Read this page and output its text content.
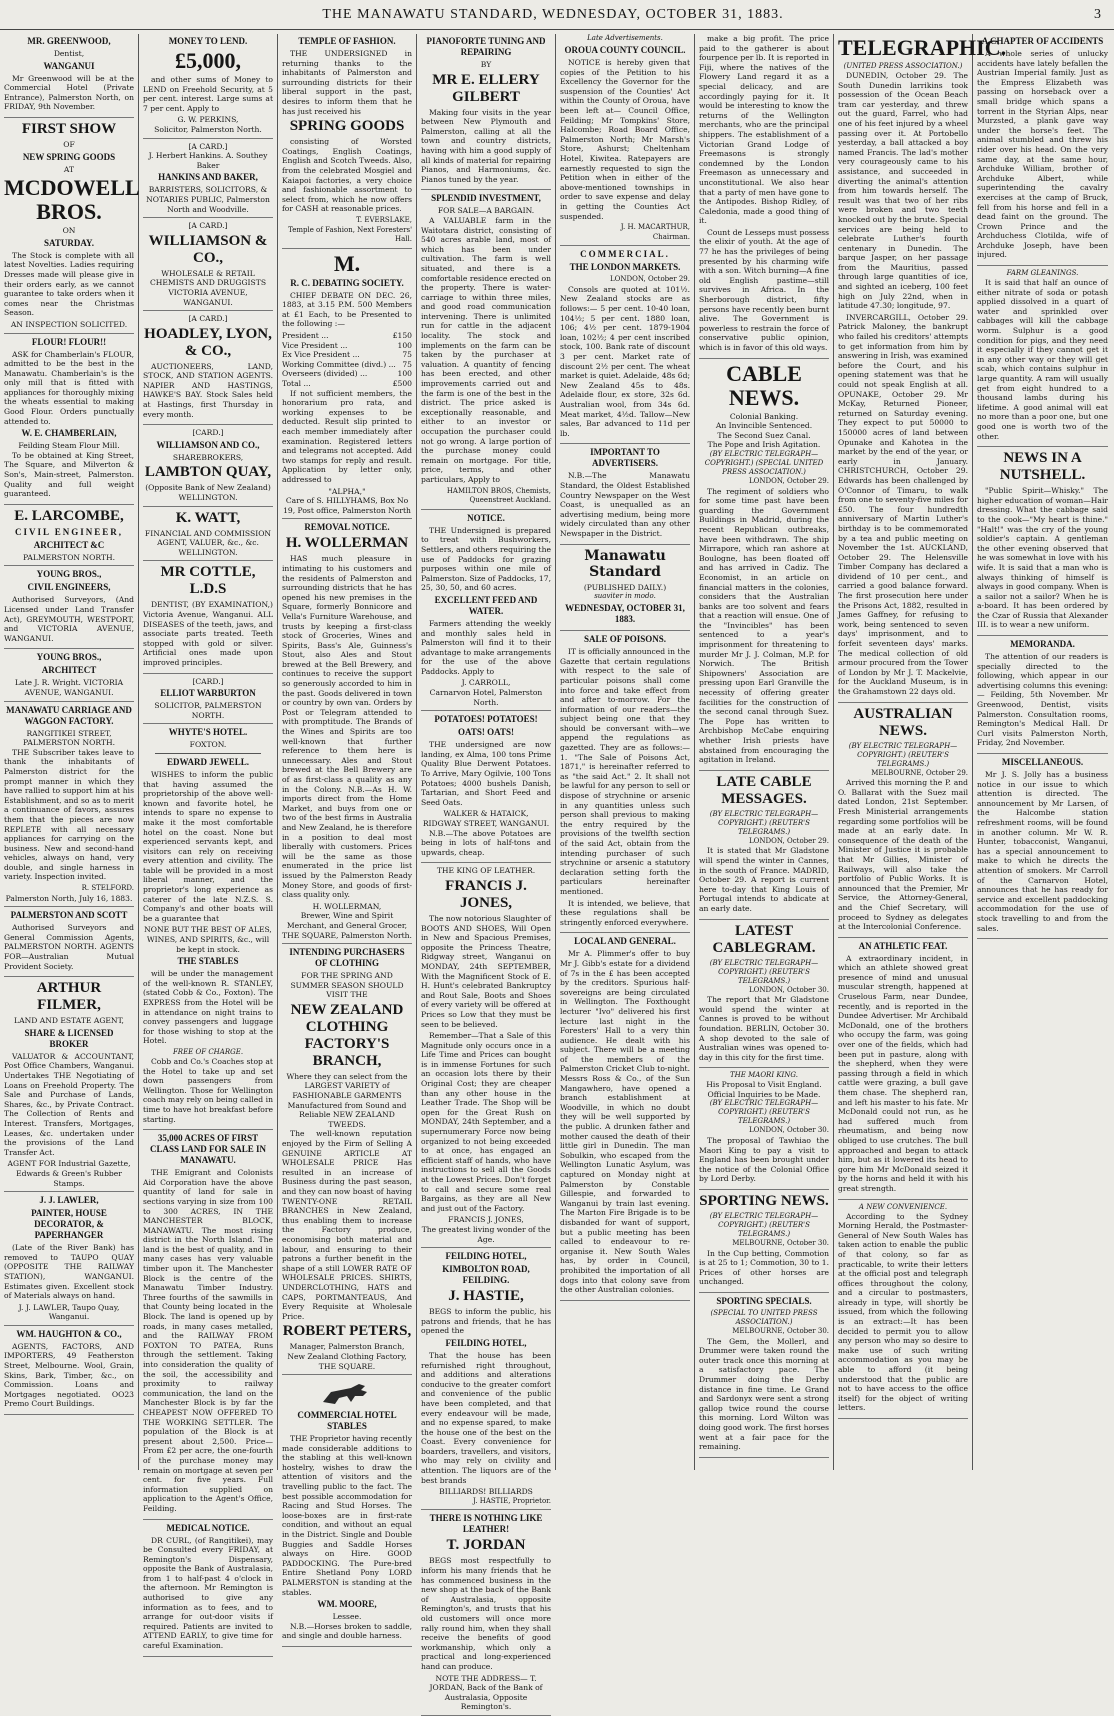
THE MANAWATU STANDARD, WEDNESDAY, OCTOBER 31, 1883.	3
MR. GREENWOOD,
Dentist,
WANGANUI
Mr Greenwood will be at the Commercial Hotel (Private Entrance), Palmerston North, on FRIDAY, 9th November.
FIRST SHOW
OF
NEW SPRING GOODS
AT
MCDOWELL BROS.
ON
SATURDAY.
The Stock is complete with all latest Novelties. Ladies requiring Dresses made will please give in their orders early, as we cannot guarantee to take orders when it comes near the Christmas Season.
AN INSPECTION SOLICITED.
FLOUR! FLOUR!!
ASK for Chamberlain's FLOUR, admitted to be the best in the Manawatu. Chamberlain's is the only mill that is fitted with appliances for thoroughly mixing the wheats essential to making Good Flour. Orders punctually attended to.
W. E. CHAMBERLAIN,
Feilding Steam Flour Mill.
To be obtained at King Street, The Square, and Milverton & Son's, Main-street, Palmerston. Quality and full weight guaranteed.
E. LARCOMBE,
CIVIL ENGINEER,
ARCHITECT &C
PALMERSTON NORTH.
YOUNG BROS.,
CIVIL ENGINEERS,
Authorised Surveyors, (And Licensed under Land Transfer Act), GREYMOUTH, WESTPORT, and VICTORIA AVENUE, WANGANUI.
YOUNG BROS.,
ARCHITECT
Late J. R. Wright. VICTORIA AVENUE, WANGANUI.
MANAWATU CARRIAGE AND WAGGON FACTORY.
RANGITIKEI STREET, PALMERSTON NORTH.
THE Subscriber takes leave to thank the inhabitants of Palmerston district for the prompt manner in which they have rallied to support him at his Establishment, and so as to merit a continuance of favors, assures them that the pieces are now REPLETE with all necessary appliances for carrying on the business. New and second-hand vehicles, always on hand, very double, and single harness in variety. Inspection invited.
R. STELFORD.
Palmerston North, July 16, 1883.
PALMERSTON AND SCOTT
Authorised Surveyors and General Commission Agents, PALMERSTON NORTH. AGENTS FOR—Australian Mutual Provident Society.
ARTHUR FILMER,
LAND AND ESTATE AGENT,
SHARE & LICENSED BROKER
VALUATOR & ACCOUNTANT, Post Office Chambers, Wanganui. Undertakes THE Negotiating of Loans on Freehold Property. The Sale and Purchase of Lands, Shares, &c., by Private Contract. The Collection of Rents and Interest. Transfers, Mortgages, Leases, &c. undertaken under the provisions of the Land Transfer Act.
AGENT FOR Industrial Gazette, Edwards & Green's Rubber Stamps.
J. J. LAWLER,
PAINTER, HOUSE DECORATOR, & PAPERHANGER
(Late of the River Bank) has removed to TAUPO QUAY (OPPOSITE THE RAILWAY STATION), WANGANUI. Estimates given. Excellent stock of Materials always on hand.
J. J. LAWLER, Taupo Quay, Wanganui.
WM. HAUGHTON & CO.,
AGENTS, FACTORS, AND IMPORTERS, 49 Featherston Street, Melbourne. Wool, Grain, Skins, Bark, Timber, &c., on Commission. Loans and Mortgages negotiated. OO23 Premo Court Buildings.
MONEY TO LEND.
£5,000,
and other sums of Money to LEND on Freehold Security, at 5 per cent. interest. Large sums at 7 per cent. Apply to
G. W. PERKINS,
Solicitor, Palmerston North.
[A CARD.]
J. Herbert Hankins. A. Southey Baker
HANKINS AND BAKER,
BARRISTERS, SOLICITORS, & NOTARIES PUBLIC, Palmerston North and Woodville.
[A CARD.]
WILLIAMSON & CO.,
WHOLESALE & RETAIL CHEMISTS AND DRUGGISTS VICTORIA AVENUE, WANGANUI.
[A CARD.]
HOADLEY, LYON, & CO.,
AUCTIONEERS, LAND, STOCK, AND STATION AGENTS. NAPIER AND HASTINGS, HAWKE'S BAY. Stock Sales held at Hastings, first Thursday in every month.
[CARD.]
WILLIAMSON AND CO.,
SHAREBROKERS,
LAMBTON QUAY,
(Opposite Bank of New Zealand) WELLINGTON.
K. WATT,
FINANCIAL AND COMMISSION AGENT, VALUER, &c., &c. WELLINGTON.
MR COTTLE, L.D.S
DENTIST, (BY EXAMINATION,) Victoria Avenue, Wanganui. ALL DISEASES of the teeth, jaws, and associate parts treated. Teeth stopped with gold or silver. Artificial ones made upon improved principles.
[CARD.]
ELLIOT WARBURTON
SOLICITOR, PALMERSTON NORTH.
WHYTE'S HOTEL.
FOXTON.
EDWARD JEWELL.
WISHES to inform the public that having assumed the proprietorship of the above well-known and favorite hotel, he intends to spare no expense to make it the most comfortable hotel on the coast. None but experienced servants kept, and visitors can rely on receiving every attention and civility. The table will be provided in a most liberal manner, and the proprietor's long experience as caterer of the late N.Z.S. S. Company's and other boats will be a guarantee that
NONE BUT THE BEST OF ALES, WINES, AND SPIRITS, &c., will be kept in stock.
THE STABLES
will be under the management of the well-known R. STANLEY, (stated Cobb & Co., Foxton). The EXPRESS from the Hotel will be in attendance on night trains to convey passengers and luggage for those wishing to stop at the Hotel.
FREE OF CHARGE.
Cobb and Co.'s Coaches stop at the Hotel to take up and set down passengers from Wellington. Those for Wellington coach may rely on being called in time to have hot breakfast before starting.
35,000 ACRES OF FIRST CLASS LAND FOR SALE IN MANAWATU.
THE Emigrant and Colonists Aid Corporation have the above quantity of land for sale in sections varying in size from 100 to 300 ACRES, IN THE MANCHESTER BLOCK, MANAWATU. The most rising district in the North Island. The land is the best of quality, and in many cases has very valuable timber upon it. The Manchester Block is the centre of the Manawatu Timber Industry. Three fourths of the sawmills in that County being located in the Block. The land is opened up by roads, in many cases metalled, and the RAILWAY FROM FOXTON TO PATEA, Runs through the settlement. Taking into consideration the quality of the soil, the accessibility and proximity to railway communication, the land on the Manchester Block is by far the CHEAPEST NOW OFFERED TO THE WORKING SETTLER. The population of the Block is at present about 2,500. Price—From £2 per acre, the one-fourth of the purchase money may remain on mortgage at seven per cent. for five years. Full information supplied on application to the Agent's Office, Feilding.
MEDICAL NOTICE.
DR CURL, (of Rangitikei), may be Consulted every FRIDAY, at Remington's Dispensary, opposite the Bank of Australasia, from 1 to half-past 4 o'clock in the afternoon. Mr Remington is authorised to give any information as to fees, and to arrange for out-door visits if required. Patients are invited to ATTEND EARLY, to give time for careful Examination.
TEMPLE OF FASHION.
THE UNDERSIGNED in returning thanks to the inhabitants of Palmerston and surrounding districts for their liberal support in the past, desires to inform them that he has just received his
SPRING GOODS
consisting of Worsted Coatings, English Coatings, English and Scotch Tweeds. Also, from the celebrated Mosgiel and Kaiapoi factories, a very choice and fashionable assortment to select from, which he now offers for CASH at reasonable prices.
T. EVERSLAKE,
Temple of Fashion, Next Foresters' Hall.
M.
R. C. DEBATING SOCIETY.
CHIEF DEBATE ON DEC. 26, 1883, at 3.15 P.M. 500 Members at £1 Each, to be Presented to the following :—
President ...	£150
Vice President ...	100
Ex Vice President ...	75
Working Committee (divd.) ... 75
Overseers (divided) ...	100
Total ...	£500
If not sufficient members, the honorarium pro rata, and working expenses to be deducted. Result slip printed to each member immediately after examination. Registered letters and telegrams not accepted. Add two stamps for reply and result. Application by letter only, addressed to
"ALPHA,"
Care of S. HILLYHAMS, Box No 19, Post office, Palmerston North
REMOVAL NOTICE.
H. WOLLERMAN
HAS much pleasure in intimating to his customers and the residents of Palmerston and surrounding districts that he has opened his new premises in the Square, formerly Bonnicore and Vella's Furniture Warehouse, and trusts by keeping a first-class stock of Groceries, Wines and Spirits, Bass's Ale, Guinness's Stout, also Ales and Stout brewed at the Bell Brewery, and continues to receive the support so generously accorded to him in the past. Goods delivered in town or country by own van. Orders by Post or Telegram attended to with promptitude. The Brands of the Wines and Spirits are too well-known that further reference to them here is unnecessary. Ales and Stout brewed at the Bell Brewery are of as first-class a quality as any in the Colony. N.B.—As H. W. imports direct from the Home Market, and buys from one or two of the best firms in Australia and New Zealand, he is therefore in a position to deal most liberally with customers. Prices will be the same as those enumerated in the price list issued by the Palmerston Ready Money Store, and goods of first-class quality only.
H. WOLLERMAN,
Brewer, Wine and Spirit Merchant, and General Grocer, THE SQUARE, Palmerston North.
INTENDING PURCHASERS OF CLOTHING
FOR THE SPRING AND SUMMER SEASON SHOULD VISIT THE
NEW ZEALAND CLOTHING FACTORY'S BRANCH,
Where they can select from the LARGEST VARIETY of FASHIONABLE GARMENTS Manufactured from Sound and Reliable NEW ZEALAND TWEEDS.
The well-known reputation enjoyed by the Firm of Selling A GENUINE ARTICLE AT WHOLESALE PRICE Has resulted in an increase of Business during the past season, and they can now boast of having TWENTY-ONE RETAIL BRANCHES in New Zealand, thus enabling them to increase the Factory produce, economising both material and labour, and ensuring to their patrons a further benefit in the shape of a still LOWER RATE OF WHOLESALE PRICES. SHIRTS, UNDERCLOTHING, HATS and CAPS, PORTMANTEAUS, And Every Requisite at Wholesale Price.
ROBERT PETERS,
Manager, Palmerston Branch, New Zealand Clothing Factory, THE SQUARE.
COMMERCIAL HOTEL STABLES
THE Proprietor having recently made considerable additions to the stabling at this well-known hostelry, wishes to draw the attention of visitors and the travelling public to the fact. The best possible accommodation for Racing and Stud Horses. The loose-boxes are in first-rate condition, and without an equal in the District. Single and Double Buggies and Saddle Horses always on Hire. GOOD PADDOCKING. The Pure-bred Entire Shetland Pony LORD PALMERSTON is standing at the stables.
WM. MOORE,
Lessee.
N.B.—Horses broken to saddle, and single and double harness.
PIANOFORTE TUNING AND REPAIRING
BY
MR E. ELLERY GILBERT
Making four visits in the year between New Plymouth and Palmerston, calling at all the town and country districts, having with him a good supply of all kinds of material for repairing Pianos, and Harmoniums, &c. Pianos tuned by the year.
SPLENDID INVESTMENT,
FOR SALE—A BARGAIN.
A VALUABLE farm in the Waitotara district, consisting of 540 acres arable land, most of which has been under cultivation. The farm is well situated, and there is a comfortable residence erected on the property. There is water-carriage to within three miles, and good road communication intervening. There is unlimited run for cattle in the adjacent locality. The stock and implements on the farm can be taken by the purchaser at valuation. A quantity of fencing has been erected, and other improvements carried out and the farm is one of the best in the district. The price asked is exceptionally reasonable, and either to an investor or occupation the purchaser could not go wrong. A large portion of the purchase money could remain on mortgage. For title, price, terms, and other particulars, Apply to
HAMILTON BROS, Chemists, Queenstreet Auckland.
NOTICE.
THE Undersigned is prepared to treat with Bushworkers, Settlers, and others requiring the use of Paddocks for grazing purposes within one mile of Palmerston. Size of Paddocks, 17, 25, 30, 50, and 60 acres.
EXCELLENT FEED AND WATER.
Farmers attending the weekly and monthly sales held in Palmerston will find it to their advantage to make arrangements for the use of the above Paddocks. Apply to
J. CARROLL,
Carnarvon Hotel, Palmerston North.
POTATOES! POTATOES!
OATS! OATS!
THE undersigned are now landing, ex Alma, 100 tons Prime Quality Blue Derwent Potatoes. To Arrive, Mary Ogilvie, 100 Tons Potatoes; 4000 bushels Danish, Tartarian, and Short Feed and Seed Oats.
WALKER & HATAICK,
RIDGWAY STREET, WANGANUI.
N.B.—The above Potatoes are being in lots of half-tons and upwards, cheap.
THE KING OF LEATHER.
FRANCIS J. JONES,
The now notorious Slaughter of BOOTS AND SHOES, Will Open in New and Spacious Premises, opposite the Princess Theatre, Ridgway street, Wanganui on MONDAY, 24th SEPTEMBER, With the Magnificent Stock of E. H. Hunt's celebrated Bankruptcy and Rout Sale, Boots and Shoes of every variety will be offered at Prices so Low that they must be seen to be believed.
Remember—That a Sale of this Magnitude only occurs once in a Life Time and Prices can bought is in immense Fortunes for such an occasion lots there by their Original Cost; they are cheaper than any other house in the Leather Trade. The Shop will be open for the Great Rush on MONDAY, 24th September, and a supernumerary Force now being organized to not being exceeded to at once, has engaged an efficient staff of hands, who have instructions to sell all the Goods at the Lowest Prices. Don't forget to call and secure some real Bargains, as they are all New and just out of the Factory.
FRANCIS J. JONES,
The greatest living wonder of the Age.
FEILDING HOTEL,
KIMBOLTON ROAD, FEILDING.
J. HASTIE,
BEGS to inform the public, his patrons and friends, that he has opened the
FEILDING HOTEL,
That the house has been refurnished right throughout, and additions and alterations conducive to the greater comfort and convenience of the public have been completed, and that every endeavour will be made, and no expense spared, to make the house one of the best on the Coast. Every convenience for boarders, travellers, and visitors, who may rely on civility and attention. The liquors are of the best brands
BILLIARDS! BILLIARDS
J. HASTIE, Proprietor.
THERE IS NOTHING LIKE LEATHER!
T. JORDAN
BEGS most respectfully to inform his many friends that he has commenced business in the new shop at the back of the Bank of Australasia, opposite Remington's, and trusts that his old customers will once more rally round him, when they shall receive the benefits of good workmanship, which only a practical and long-experienced hand can produce.
NOTE THE ADDRESS— T. JORDAN, Back of the Bank of Australasia, Opposite Remington's.
Late Advertisements.
OROUA COUNTY COUNCIL.
NOTICE is hereby given that copies of the Petition to his Excellency the Governor for the suspension of the Counties' Act within the County of Oroua, have been left at— Council Office, Feilding; Mr Tompkins' Store, Halcombe; Road Board Office, Palmerston North; Mr Marsh's Store, Ashurst; Cheltenham Hotel, Kiwitea. Ratepayers are earnestly requested to sign the Petition when in either of the above-mentioned townships in order to save expense and delay in getting the Counties Act suspended.
J. H. MACARTHUR,
Chairman.
COMMERCIAL.
THE LONDON MARKETS.
LONDON, October 29.
Consols are quoted at 101½. New Zealand stocks are as follows:— 5 per cent. 10-40 loan, 104½; 5 per cent. 1880 loan, 106; 4½ per cent. 1879-1904 loan, 102½; 4 per cent inscribed stock, 100. Bank rate of discount 3 per cent. Market rate of discount 2½ per cent. The wheat market is quiet. Adelaide, 48s 6d; New Zealand 45s to 48s. Adelaide flour, ex store, 32s 6d. Australian wool, from 34s 6d. Meat market, 4½d. Tallow—New sales, Bar advanced to 11d per lb.
IMPORTANT TO ADVERTISERS.
N.B.—The Manawatu Standard, the Oldest Established Country Newspaper on the West Coast, is unequalled as an advertising medium, being more widely circulated than any other Newspaper in the District.
Manawatu Standard
(PUBLISHED DAILY.)
suaviter in modo.
WEDNESDAY, OCTOBER 31, 1883.
SALE OF POISONS.
IT is officially announced in the Gazette that certain regulations with respect to the sale of particular poisons shall come into force and take effect from and after to-morrow. For the information of our readers—the subject being one that they should be conversant with—we append the regulations as gazetted. They are as follows:— 1. "The Sale of Poisons Act, 1871," is hereinafter referred to as "the said Act." 2. It shall not be lawful for any person to sell or dispose of strychnine or arsenic in any quantities unless such person shall previous to making the entry required by the provisions of the twelfth section of the said Act, obtain from the intending purchaser of such strychnine or arsenic a statutory declaration setting forth the particulars hereinafter mentioned.
It is intended, we believe, that these regulations shall be stringently enforced everywhere.
LOCAL AND GENERAL.
Mr A. Plimmer's offer to buy Mr J. Gibb's estate for a dividend of 7s in the £ has been accepted by the creditors. Spurious half-sovereigns are being circulated in Wellington. The Foxthought lecturer "Ivo" delivered his first lecture last night in the Foresters' Hall to a very thin audience. He dealt with his subject. There will be a meeting of the members of the Palmerston Cricket Club to-night. Messrs Ross & Co., of the Sun Mangawhero, have opened a branch establishment at Woodville, in which no doubt they will be well supported by the public. A drunken father and mother caused the death of their little girl in Dunedin. The man Sobulkin, who escaped from the Wellington Lunatic Asylum, was captured on Monday night at Palmerston by Constable Gillespie, and forwarded to Wanganui by train last evening. The Marton Fire Brigade is to be disbanded for want of support, but a public meeting has been called to endeavour to re-organise it. New South Wales has, by order in Council, prohibited the importation of all dogs into that colony save from the other Australian colonies.
make a big profit. The price paid to the gatherer is about fourpence per lb. It is reported in Fiji, where the natives of the Flowery Land regard it as a special delicacy, and are accordingly paying for it. It would be interesting to know the returns of the Wellington merchants, who are the principal shippers. The establishment of a Victorian Grand Lodge of Freemasons is strongly condemned by the London Freemason as unnecessary and unconstitutional. We also hear that a party of men have gone to the Antipodes. Bishop Ridley, of Caledonia, made a good thing of it.
Count de Lesseps must possess the elixir of youth. At the age of 77 he has the privileges of being presented by his charming wife with a son. Witch burning—A fine old English pastime—still survives in Africa. In the Sherborough district, fifty persons have recently been burnt alive. The Government is powerless to restrain the force of conservative public opinion, which is in favor of this old ways.
CABLE NEWS.
Colonial Banking.
An Invincible Sentenced.
The Second Suez Canal.
The Pope and Irish Agitation.
(BY ELECTRIC TELEGRAPH—COPYRIGHT.) (SPECIAL UNITED PRESS ASSOCIATION.)
LONDON, October 29.
The regiment of soldiers who for some time past have been guarding the Government Buildings in Madrid, during the recent Republican outbreaks, have been withdrawn. The ship Mirrapore, which ran ashore at Boulogne, has been floated off and has arrived in Cadiz. The Economist, in an article on financial matters in the colonies, considers that the Australian banks are too solvent and fears that a reaction will ensue. One of the "Invincibles" has been sentenced to a year's imprisonment for threatening to murder Mr J. J. Colman, M.P. for Norwich. The British Shipowners' Association are pressing upon Earl Granville the necessity of offering greater facilities for the construction of the second canal through Suez. The Pope has written to Archbishop McCabe enquiring whether Irish priests have abstained from encouraging the agitation in Ireland.
LATE CABLE MESSAGES.
(BY ELECTRIC TELEGRAPH—COPYRIGHT.) (REUTER'S TELEGRAMS.)
LONDON, October 29.
It is stated that Mr Gladstone will spend the winter in Cannes, in the south of France. MADRID, October 29. A report is current here to-day that King Louis of Portugal intends to abdicate at an early date.
LATEST CABLEGRAM.
(BY ELECTRIC TELEGRAPH—COPYRIGHT.) (REUTER'S TELEGRAMS.)
LONDON, October 30.
The report that Mr Gladstone would spend the winter at Cannes is proved to be without foundation. BERLIN, October 30. A shop devoted to the sale of Australian wines was opened to-day in this city for the first time.
THE MAORI KING.
His Proposal to Visit England.
Official Inquiries to be Made.
(BY ELECTRIC TELEGRAPH—COPYRIGHT.) (REUTER'S TELEGRAMS.)
LONDON, October 30.
The proposal of Tawhiao the Maori King to pay a visit to England has been brought under the notice of the Colonial Office by Lord Derby.
SPORTING NEWS.
(BY ELECTRIC TELEGRAPH—COPYRIGHT.) (REUTER'S TELEGRAMS.)
MELBOURNE, October 30.
In the Cup betting, Commotion is at 25 to 1; Commotion, 30 to 1. Prices of other horses are unchanged.
SPORTING SPECIALS.
(SPECIAL TO UNITED PRESS ASSOCIATION.)
MELBOURNE, October 30.
The Gem, the Mollerl, and Drummer were taken round the outer track once this morning at a satisfactory pace. The Drummer doing the Derby distance in fine time. Le Grand and Sardonyx were sent a strong gallop twice round the course this morning. Lord Wilton was doing good work. The first horses went at a fair pace for the remaining.
TELEGRAPHIC.
(UNITED PRESS ASSOCIATION.)
DUNEDIN, October 29. The South Dunedin larrikins took possession of the Ocean Beach tram car yesterday, and threw out the guard, Farrel, who had one of his feet injured by a wheel passing over it. At Portobello yesterday, a ball attacked a boy named Francis. The lad's mother very courageously came to his assistance, and succeeded in diverting the animal's attention from him towards herself. The result was that two of her ribs were broken and two teeth knocked out by the brute. Special services are being held to celebrate Luther's fourth centenary in Dunedin. The barque Jasper, on her passage from the Mauritius, passed through large quantities of ice, and sighted an iceberg, 100 feet high on July 22nd, when in latitude 47.30; longitude, 97.
INVERCARGILL, October 29. Patrick Maloney, the bankrupt who failed his creditors' attempts to get information from him by answering in Irish, was examined before the Court, and his opening statement was that he could not speak English at all. OPUNAKE, October 29. Mr McKay, Returned Pioneer, returned on Saturday evening. They expect to put 50000 to 150000 acres of land between Opunake and Kahotea in the market by the end of the year, or early in January. CHRISTCHURCH, October 29. Edwards has been challenged by O'Connor of Timaru, to walk from one to seventy-five miles for £50. The four hundredth anniversary of Martin Luther's birthday is to be commemorated by a tea and public meeting on November the 1st. AUCKLAND, October 29. The Helensville Timber Company has declared a dividend of 10 per cent., and carried a good balance forward. The first prosecution here under the Prisons Act, 1882, resulted in James Gaffney, for refusing to work, being sentenced to seven days' imprisonment, and to forfeit seventeen days' marks. The medical collection of old armour procured from the Tower of London by Mr J. T. Mackelvie, for the Auckland Museum, is in the Grahamstown 22 days old.
AUSTRALIAN NEWS.
(BY ELECTRIC TELEGRAPH—COPYRIGHT.) (REUTER'S TELEGRAMS.)
MELBOURNE, October 29.
Arrived this morning the P. and O. Ballarat with the Suez mail dated London, 21st September. Fresh Ministerial arrangements regarding some portfolios will be made at an early date. In consequence of the death of the Minister of Justice it is probable that Mr Gillies, Minister of Railways, will also take the portfolio of Public Works. It is announced that the Premier, Mr Service, the Attorney-General, and the Chief Secretary, will proceed to Sydney as delegates at the Intercolonial Conference.
AN ATHLETIC FEAT.
A extraordinary incident, in which an athlete showed great presence of mind and unusual muscular strength, happened at Cruselous Farm, near Dundee, recently, and is reported in the Dundee Advertiser. Mr Archibald McDonald, one of the brothers who occupy the farm, was going over one of the fields, which had been put in pasture, along with the shepherd, when they were passing through a field in which cattle were grazing, a bull gave them chase. The shepherd ran, and left his master to his fate. Mr McDonald could not run, as he had suffered much from rheumatism, and being now obliged to use crutches. The bull approached and began to attack him, but as it lowered its head to gore him Mr McDonald seized it by the horns and held it with his great strength.
A NEW CONVENIENCE.
According to the Sydney Morning Herald, the Postmaster-General of New South Wales has taken action to enable the public of that colony, so far as practicable, to write their letters at the official post and telegraph offices throughout the colony, and a circular to postmasters, already in type, will shortly be issued, from which the following is an extract:—It has been decided to permit you to allow any person who may so desire to make use of such writing accommodation as you may be able to afford (it being understood that the public are not to have access to the office itself) for the object of writing letters.
A CHAPTER OF ACCIDENTS
A whole series of unlucky accidents have lately befallen the Austrian Imperial family. Just as the Empress Elizabeth was passing on horseback over a small bridge which spans a torrent in the Styrian Alps, near Murzsted, a plank gave way under the horse's feet. The animal stumbled and threw his rider over his head. On the very same day, at the same hour, Archduke William, brother of Archduke Albert, while superintending the cavalry exercises at the camp of Bruck, fell from his horse and fell in a dead faint on the ground. The Crown Prince and the Archduchess Clotilda, wife of Archduke Joseph, have been injured.
FARM GLEANINGS.
It is said that half an ounce of either nitrate of soda or potash applied dissolved in a quart of water and sprinkled over cabbages will kill the cabbage worm. Sulphur is a good condition for pigs, and they need it especially if they cannot get it in any other way or they will get scab, which contains sulphur in large quantity. A ram will usually get from eight hundred to a thousand lambs during his lifetime. A good animal will eat no more than a poor one, but one good one is worth two of the other.
NEWS IN A NUTSHELL.
"Public Spirit—Whisky." The higher education of woman—Hair dressing. What the cabbage said to the cook—"My heart is thine." "Halt!" was the cry of the young soldier's captain. A gentleman the other evening observed that he was somewhat in love with his wife. It is said that a man who is always thinking of himself is always in good company. When is a sailor not a sailor? When he is a-board. It has been ordered by the Czar of Russia that Alexander III. is to wear a new uniform.
MEMORANDA.
The attention of our readers is specially directed to the following, which appear in our advertising columns this evening:— Feilding, 5th November. Mr Greenwood, Dentist, visits Palmerston. Consultation rooms, Remington's Medical Hall. Dr Curl visits Palmerston North, Friday, 2nd November.
MISCELLANEOUS.
Mr J. S. Jolly has a business notice in our issue to which attention is directed. The announcement by Mr Larsen, of the Halcombe station refreshment rooms, will be found in another column. Mr W. R. Hunter, tobacconist, Wanganui, has a special announcement to make to which he directs the attention of smokers. Mr Carroll of the Carnarvon Hotel, announces that he has ready for service and excellent paddocking accommodation for the use of stock travelling to and from the sales.
